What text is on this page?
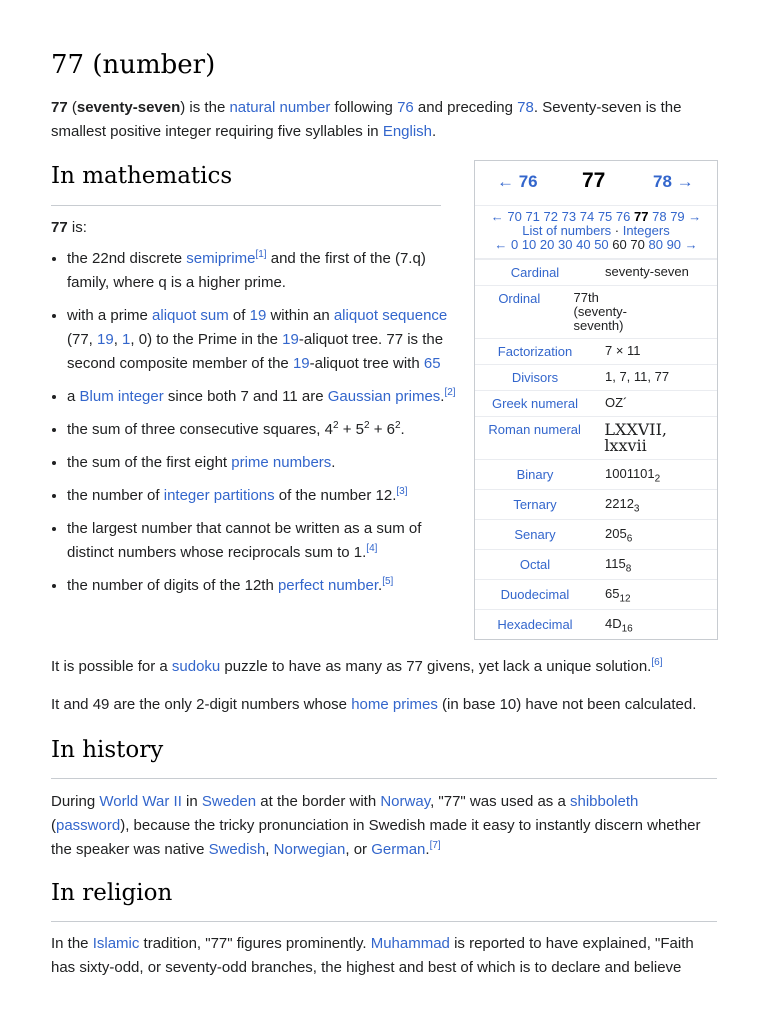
77 (number)

77 (seventy-seven) is the natural number following 76 and preceding 78. Seventy-seven is the smallest positive integer requiring five syllables in English.

In mathematics

77 is:

• the 22nd discrete semiprime[1] and the first of the (7.q) family, where q is a higher prime.
• with a prime aliquot sum of 19 within an aliquot sequence (77, 19, 1, 0) to the Prime in the 19-aliquot tree. 77 is the second composite member of the 19-aliquot tree with 65
• a Blum integer since both 7 and 11 are Gaussian primes.[2]
• the sum of three consecutive squares, $4^2 + 5^2 + 6^2$.
• the sum of the first eight prime numbers.
• the number of integer partitions of the number 12.[3]
• the largest number that cannot be written as a sum of distinct numbers whose reciprocals sum to 1.[4]
• the number of digits of the 12th perfect number.[5]

It is possible for a sudoku puzzle to have as many as 77 givens, yet lack a unique solution.[6]

It and 49 are the only 2-digit numbers whose home primes (in base 10) have not been calculated.

In history

During World War II in Sweden at the border with Norway, "77" was used as a shibboleth (password), because the tricky pronunciation in Swedish made it easy to instantly discern whether the speaker was native Swedish, Norwegian, or German.[7]

In religion

In the Islamic tradition, "77" figures prominently. Muhammad is reported to have explained, "Faith has sixty-odd, or seventy-odd branches, the highest and best of which is to declare and believe

← 76 77	78 →
← 70 71 72 73 74 75 76 77 78 79 →
List of numbers · Integers
← 0 10 20 30 40 50 60 70 80 90 →
Cardinal	seventy-seven
Ordinal	77th (seventy-seventh)
Factorization	7 × 11
Divisors	1, 7, 11, 77
Greek numeral	ΟΖ´
Roman numeral	LXXVII, lxxvii
Binary	$1001101_2$
Ternary	$2212_3$
Senary	$205_6$
Octal	$115_8$
Duodecimal	$65_{12}$
Hexadecimal	$4D_{16}$
